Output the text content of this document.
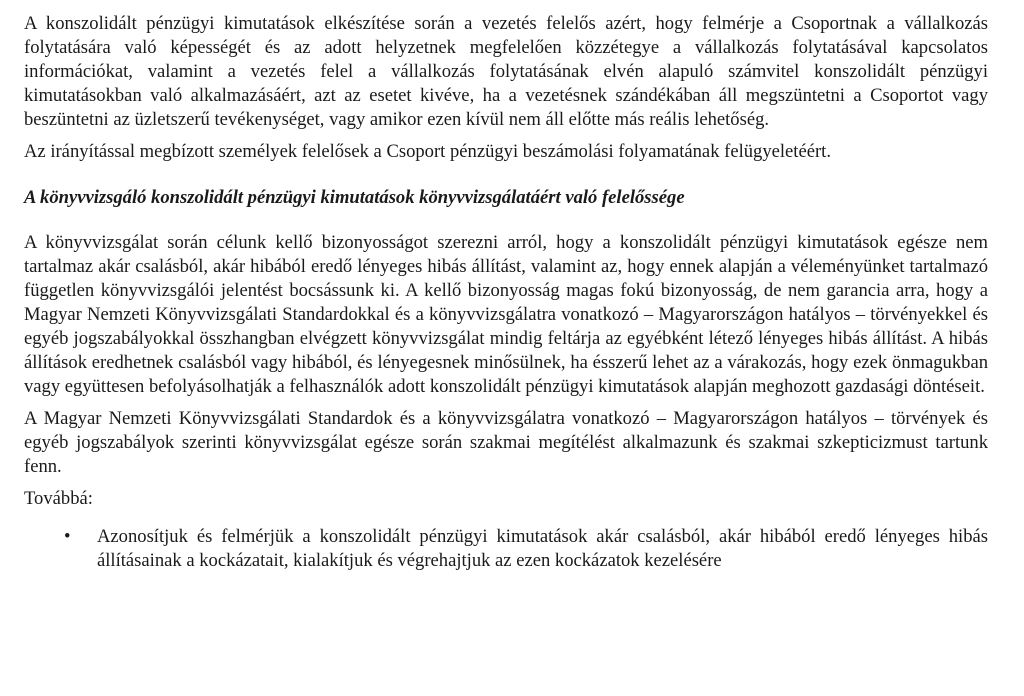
A konszolidált pénzügyi kimutatások elkészítése során a vezetés felelős azért, hogy felmérje a Csoportnak a vállalkozás folytatására való képességét és az adott helyzetnek megfelelően közzétegye a vállalkozás folytatásával kapcsolatos információkat, valamint a vezetés felel a vállalkozás folytatásának elvén alapuló számvitel konszolidált pénzügyi kimutatásokban való alkalmazásáért, azt az esetet kivéve, ha a vezetésnek szándékában áll megszüntetni a Csoportot vagy beszüntetni az üzletszerű tevékenységet, vagy amikor ezen kívül nem áll előtte más reális lehetőség.

Az irányítással megbízott személyek felelősek a Csoport pénzügyi beszámolási folyamatának felügyeletéért.

A könyvvizsgáló konszolidált pénzügyi kimutatások könyvvizsgálatáért való felelőssége

A könyvvizsgálat során célunk kellő bizonyosságot szerezni arról, hogy a konszolidált pénzügyi kimutatások egésze nem tartalmaz akár csalásból, akár hibából eredő lényeges hibás állítást, valamint az, hogy ennek alapján a véleményünket tartalmazó független könyvvizsgálói jelentést bocsássunk ki. A kellő bizonyosság magas fokú bizonyosság, de nem garancia arra, hogy a Magyar Nemzeti Könyvvizsgálati Standardokkal és a könyvvizsgálatra vonatkozó – Magyarországon hatályos – törvényekkel és egyéb jogszabályokkal összhangban elvégzett könyvvizsgálat mindig feltárja az egyébként létező lényeges hibás állítást. A hibás állítások eredhetnek csalásból vagy hibából, és lényegesnek minősülnek, ha ésszerű lehet az a várakozás, hogy ezek önmagukban vagy együttesen befolyásolhatják a felhasználók adott konszolidált pénzügyi kimutatások alapján meghozott gazdasági döntéseit.

A Magyar Nemzeti Könyvvizsgálati Standardok és a könyvvizsgálatra vonatkozó – Magyarországon hatályos – törvények és egyéb jogszabályok szerinti könyvvizsgálat egésze során szakmai megítélést alkalmazunk és szakmai szkepticizmust tartunk fenn.

Továbbá:

• Azonosítjuk és felmérjük a konszolidált pénzügyi kimutatások akár csalásból, akár hibából eredő lényeges hibás állításainak a kockázatait, kialakítjuk és végrehajtjuk az ezen kockázatok kezelésére
